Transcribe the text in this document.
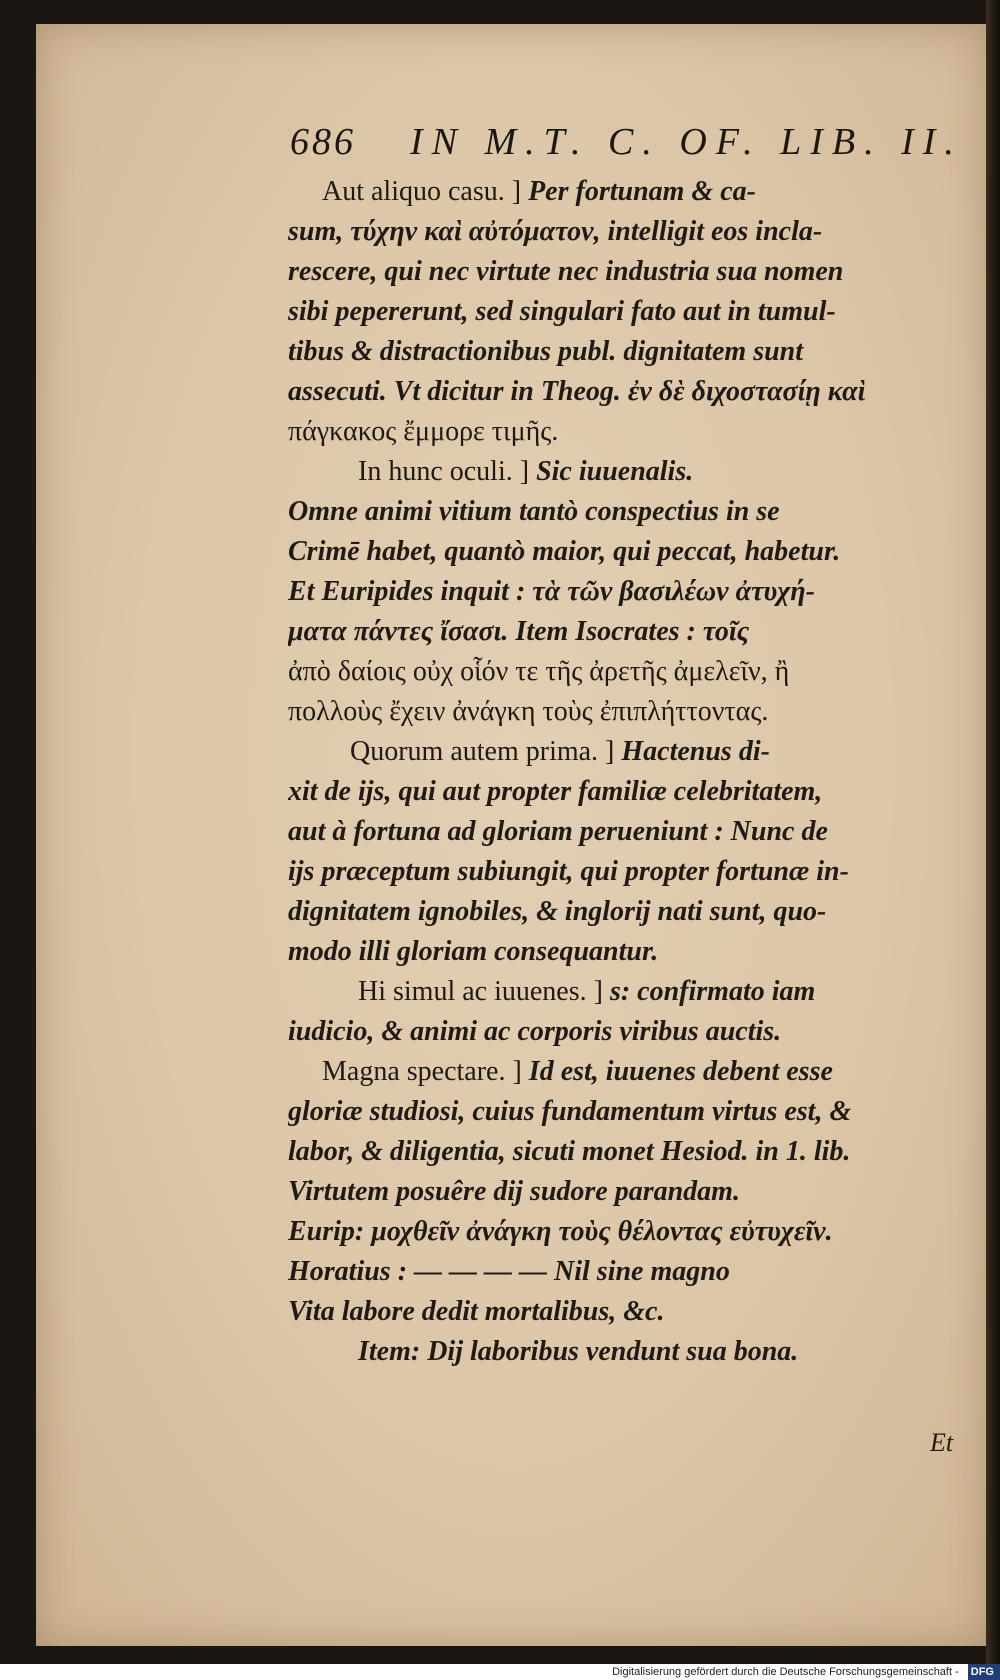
686 IN M.T. C. OF. LIB. II.
Aut aliquo casu. ] Per fortunam & ca-
sum, τύχην καὶ αὐτόματον, intelligit eos incla-
rescere, qui nec virtute nec industria sua nomen
sibi pepererunt, sed singulari fato aut in tumul-
tibus & distractionibus publ. dignitatem sunt
assecuti. Vt dicitur in Theog. ἐν δὲ διχοστασίῃ καὶ
πάγκακος ἔμμορε τιμῆς.
In hunc oculi. ] Sic iuuenalis.
Omne animi vitium tantò conspectius in se
Crimē habet, quantò maior, qui peccat, habetur.
Et Euripides inquit : τὰ τῶν βασιλέων ἀτυχή-
ματα πάντες ἴσασι. Item Isocrates : τοῖς
ἀπὸ δαίοις οὐχ οἷόν τε τῆς ἀρετῆς ἀμελεῖν, ἢ
πολλοὺς ἔχειν ἀνάγκη τοὺς ἐπιπλήττοντας.
Quorum autem prima. ] Hactenus di-
xit de ijs, qui aut propter familiæ celebritatem,
aut à fortuna ad gloriam perueniunt : Nunc de
ijs præceptum subiungit, qui propter fortunæ in-
dignitatem ignobiles, & inglorij nati sunt, quo-
modo illi gloriam consequantur.
Hi simul ac iuuenes. ] s: confirmato iam
iudicio, & animi ac corporis viribus auctis.
Magna spectare. ] Id est, iuuenes debent esse
gloriæ studiosi, cuius fundamentum virtus est, &
labor, & diligentia, sicuti monet Hesiod. in 1. lib.
Virtutem posuêre dij sudore parandam.
Eurip: μοχθεῖν ἀνάγκη τοὺς θέλοντας εὐτυχεῖν.
Horatius : — — — — Nil sine magno
Vita labore dedit mortalibus, &c.
Item: Dij laboribus vendunt sua bona.
Et
Digitalisierung gefördert durch die Deutsche Forschungsgemeinschaft - DFG
